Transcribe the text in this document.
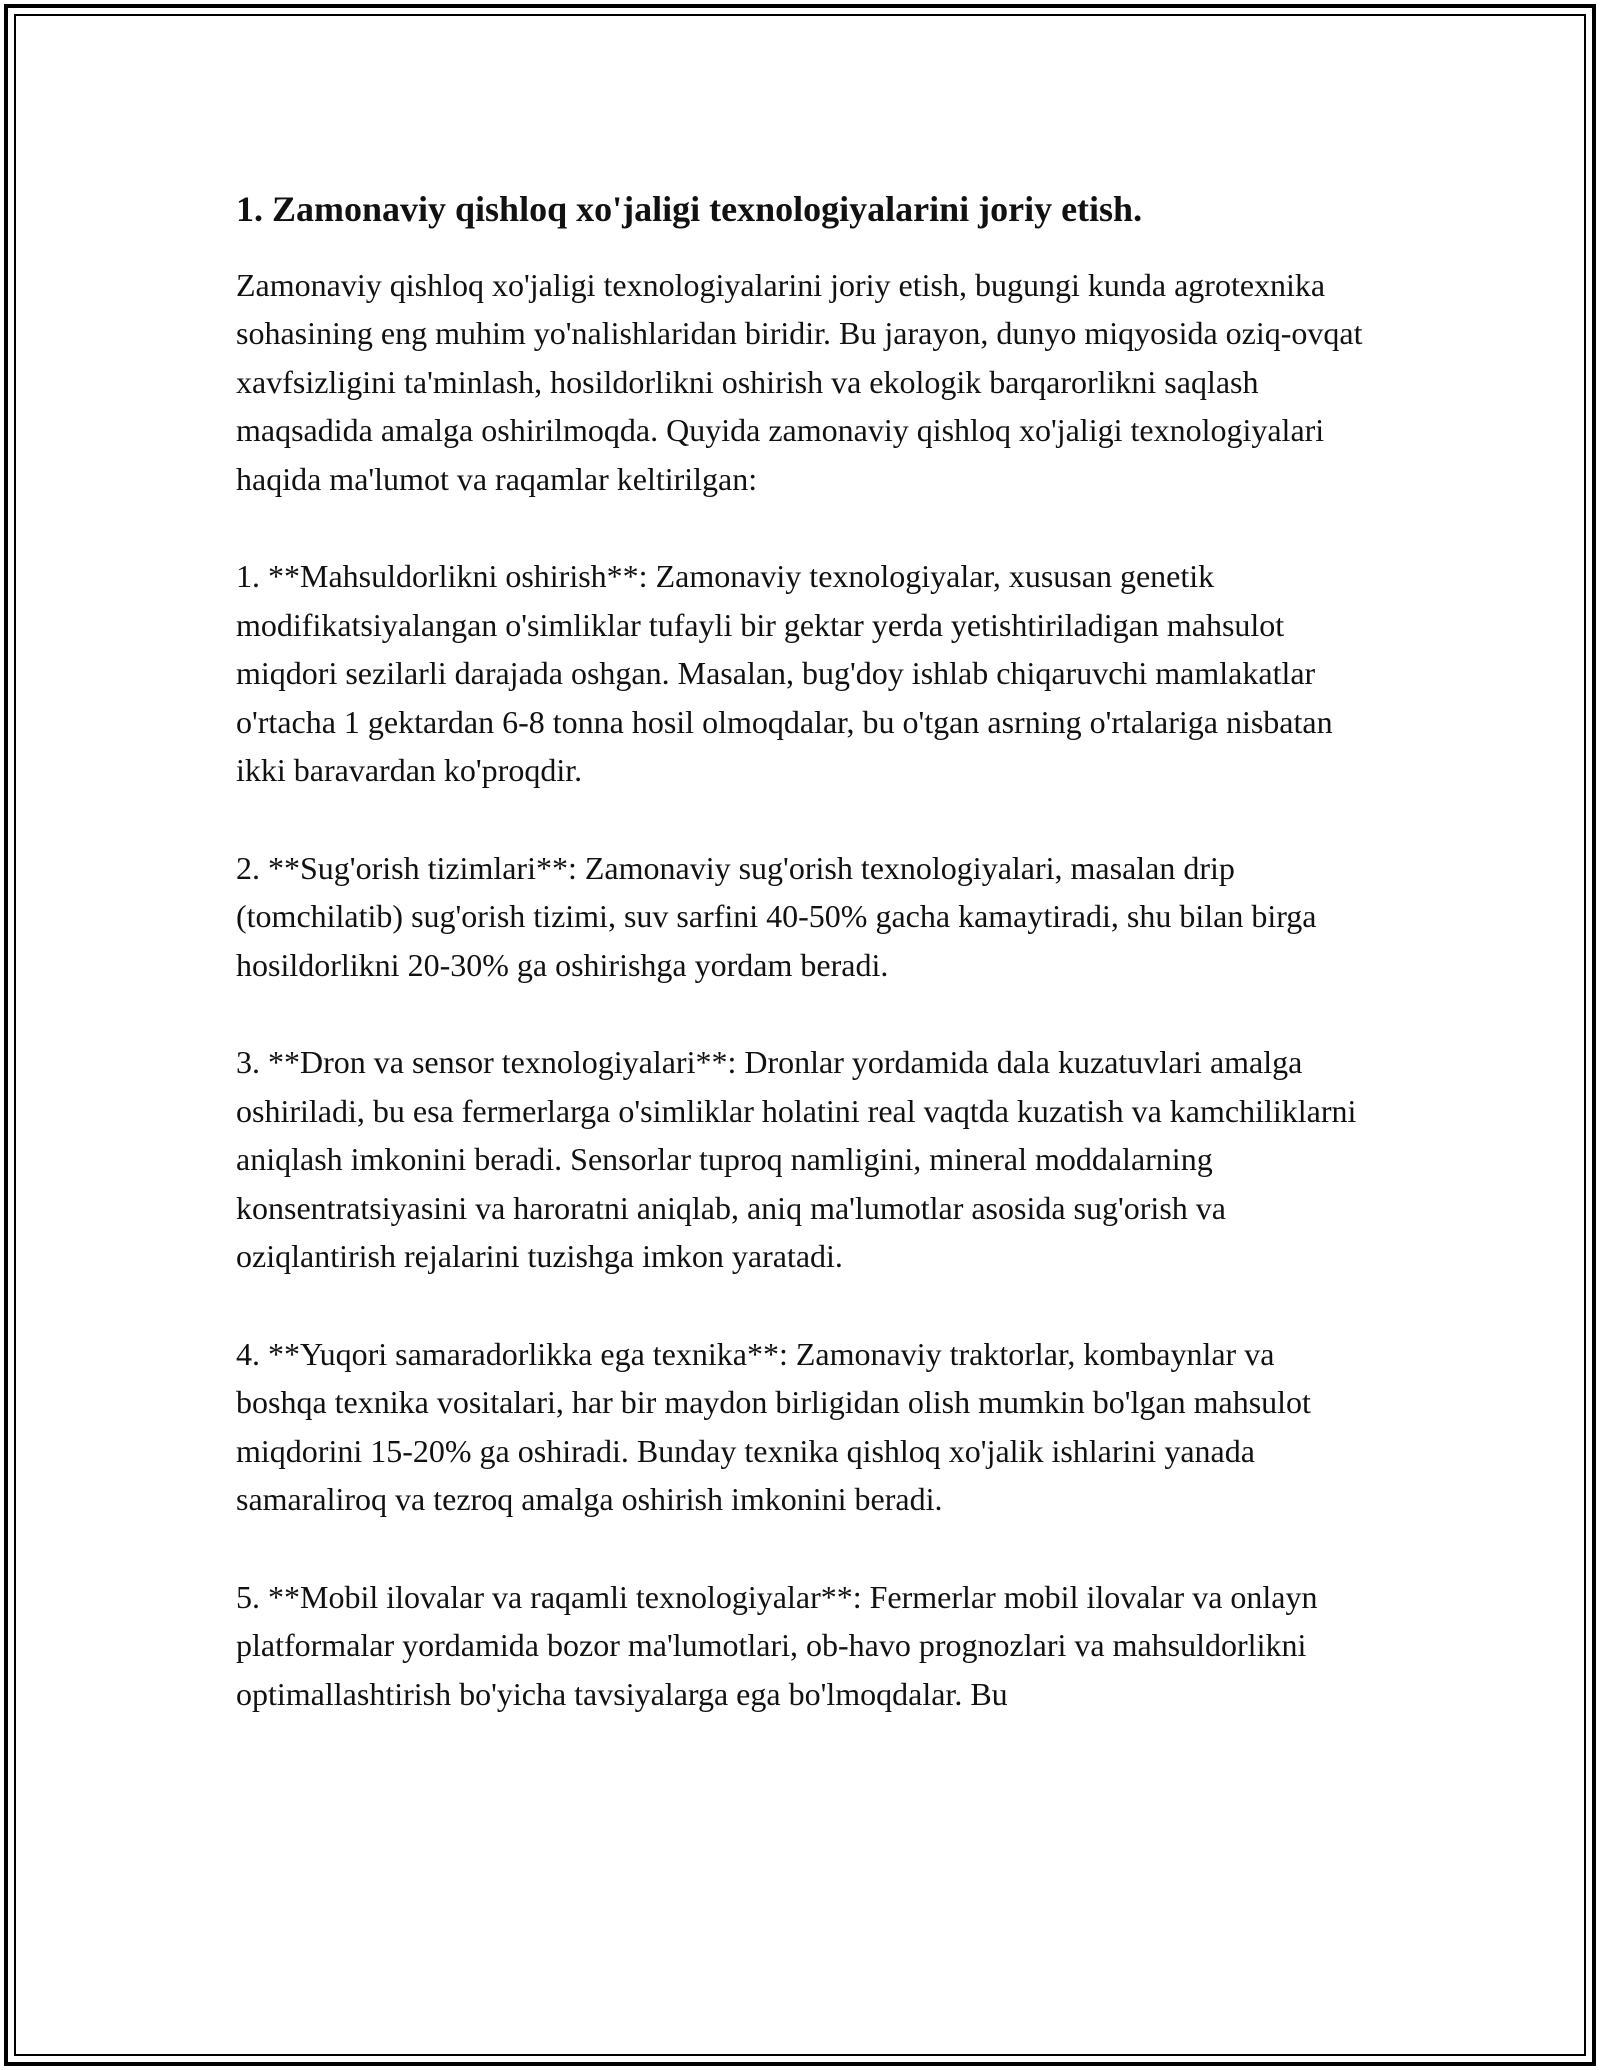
1. Zamonaviy qishloq xo'jaligi texnologiyalarini joriy etish.

Zamonaviy qishloq xo'jaligi texnologiyalarini joriy etish, bugungi kunda agrotexnika sohasining eng muhim yo'nalishlaridan biridir. Bu jarayon, dunyo miqyosida oziq-ovqat xavfsizligini ta'minlash, hosildorlikni oshirish va ekologik barqarorlikni saqlash maqsadida amalga oshirilmoqda. Quyida zamonaviy qishloq xo'jaligi texnologiyalari haqida ma'lumot va raqamlar keltirilgan:

1. **Mahsuldorlikni oshirish**: Zamonaviy texnologiyalar, xususan genetik modifikatsiyalangan o'simliklar tufayli bir gektar yerda yetishtiriladigan mahsulot miqdori sezilarli darajada oshgan. Masalan, bug'doy ishlab chiqaruvchi mamlakatlar o'rtacha 1 gektardan 6-8 tonna hosil olmoqdalar, bu o'tgan asrning o'rtalariga nisbatan ikki baravardan ko'proqdir.

2. **Sug'orish tizimlari**: Zamonaviy sug'orish texnologiyalari, masalan drip (tomchilatib) sug'orish tizimi, suv sarfini 40-50% gacha kamaytiradi, shu bilan birga hosildorlikni 20-30% ga oshirishga yordam beradi.

3. **Dron va sensor texnologiyalari**: Dronlar yordamida dala kuzatuvlari amalga oshiriladi, bu esa fermerlarga o'simliklar holatini real vaqtda kuzatish va kamchiliklarni aniqlash imkonini beradi. Sensorlar tuproq namligini, mineral moddalarning konsentratsiyasini va haroratni aniqlab, aniq ma'lumotlar asosida sug'orish va oziqlantirish rejalarini tuzishga imkon yaratadi.

4. **Yuqori samaradorlikka ega texnika**: Zamonaviy traktorlar, kombaynlar va boshqa texnika vositalari, har bir maydon birligidan olish mumkin bo'lgan mahsulot miqdorini 15-20% ga oshiradi. Bunday texnika qishloq xo'jalik ishlarini yanada samaraliroq va tezroq amalga oshirish imkonini beradi.

5. **Mobil ilovalar va raqamli texnologiyalar**: Fermerlar mobil ilovalar va onlayn platformalar yordamida bozor ma'lumotlari, ob-havo prognozlari va mahsuldorlikni optimallashtirish bo'yicha tavsiyalarga ega bo'lmoqdalar. Bu
